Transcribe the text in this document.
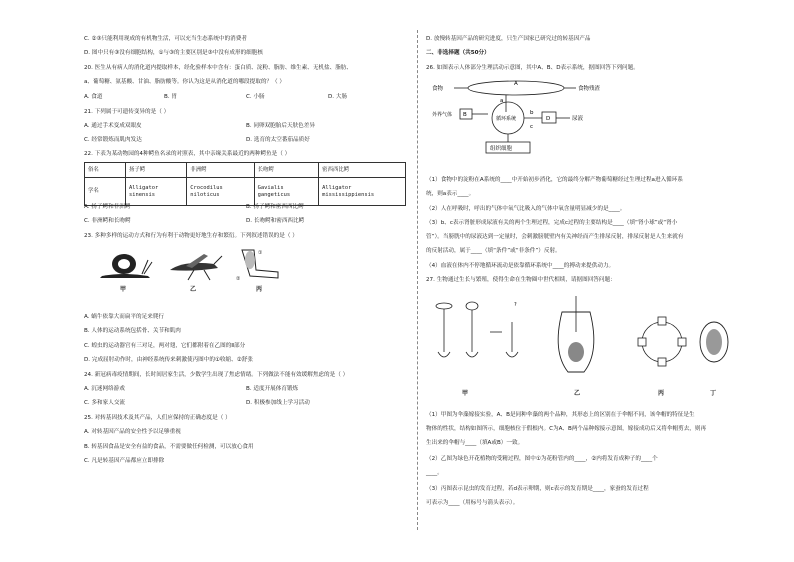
C. ②③只能利用现成的有机物生活，可以充当生态系统中的消费者
D. 图中只有③没有细胞结构，①与③的主要区别是③中没有成形的细胞核
20. 医生从有病人的消化道内提取样本，经化验样本中含有：蛋白质、淀粉、脂肪、维生素、无机盐、脂肪、
a、葡萄糖、氨基酸、甘油、脂肪酸等。你认为这是从消化道的哪段提取的？（ ）
A. 食道	B. 胃	C. 小肠	D. 大肠
21. 下列属于可遗传变异的是（ ）
A. 通过手术变成双眼皮	B. 同卵双胞胎后天肤色差异
C. 经常锻炼而肌肉发达	D. 选育的太空番茄品质好
22. 下表为某动物园的4种鳄鱼名录的对照表，其中亲缘关系最近的两种鳄鱼是（ ）
俗名	扬子鳄	非洲鳄	长吻鳄	密西西比鳄
学名	Alligator sinensis	Crocodilus niloticus	Gavialis gangeticus	Alligator mississippiensis
A. 扬子鳄和非洲鳄	B. 扬子鳄和密西西比鳄
C. 非洲鳄和长吻鳄	D. 长吻鳄和密西西比鳄
23. 多种多样的运动方式和行为有利于动物更好地生存和繁衍。下列叙述错误的是（ ）
①
②
甲	乙	丙
A. 蜗牛依靠大而扁平的足来爬行
B. 人体的运动系统包括骨、关节和肌肉
C. 蝗虫的运动器官有三对足，两对翅，它们都附着在乙图的Ⅱ部分
D. 完成屈肘动作时，由神经系统传来刺激使丙图中的①收缩、②舒张
24. 新冠病毒疫情期间，长时间居家生活，少数学生出现了焦虑情绪。下列做法不能有效缓解焦虑的是（ ）
A. 沉迷网络游戏	B. 适度开展体育锻炼
C. 多和家人交流	D. 积极参加线上学习活动
25. 对转基因技术及其产品，人们应保持的正确态度是（ ）
A. 对转基因产品的安全性予以足够重视
B. 转基因食品是安全有益的食品，不需要做任何检测，可以放心食用
C. 凡是转基因产品都应立即排除
D. 放慢转基因产品的研究进度，只生产国家已研究过的转基因产品
二、非选择题（共50分）
26. 如图表示人体部分生理活动示意图，其中A、B、D表示系统，据图回答下列问题。
食物
A
食物残渣
a
外界气体 B
循环系统
b
D	尿液
c
组织细胞
（1）食物中的淀粉在A系统的____中开始初步消化，它的最终分解产物葡萄糖经过生理过程a进入循环系
统，则a表示____。
（2）人在呼吸时，呼出的气体中氧气比吸入的气体中氧含量明显减少的是____。
（3）b、c表示肾脏形成尿液有关的两个生理过程，完成c过程的主要结构是____（填“肾小球”或“肾小
管”）。当膀胱中的尿液达到一定量时，会刺激膀胱壁内有关神经而产生排尿反射，排尿反射是人生来就有
的反射活动，属于____（填“条件”或“非条件”）反射。
（4）血液在体内不停地循环流动是依靠循环系统中____的搏动来提供动力。
27. 生物通过生长与繁殖，使得生命在生物圈中世代相续，请据图回答问题：
?
甲	乙	丙	丁
（1）甲图为伞藻嫁接实验，A、B是同种伞藻的两个品种，其形态上的区别在于伞帽不同，该伞帽的特征是生
物体的性状，结构如图所示，细胞核位于假根内。C为A、B两个品种嫁接示意图，嫁接成功后又将伞帽剪去，则再
生出来的伞帽与____（填A或B）一致。
（2）乙图为绿色开花植物的受精过程，图中①为花粉管内的____，②内将发育成种子的____个
____。
（3）丙图表示昆虫的发育过程，若d表示卵期，则c表示的发育期是____，家蚕的发育过程
可表示为____（用标号与箭头表示）。
